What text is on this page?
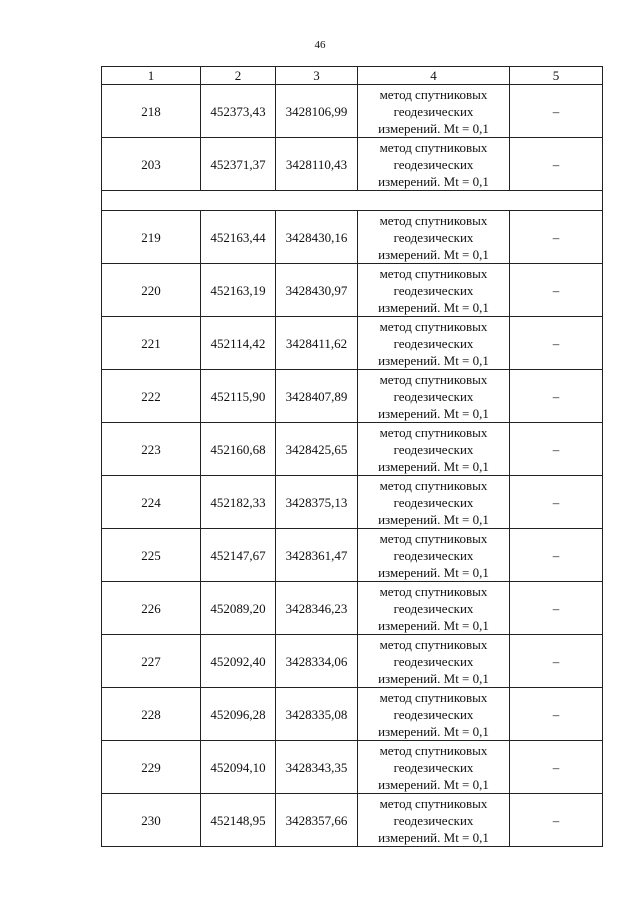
46
1	2	3	4	5
218	452373,43	3428106,99	метод спутниковых
геодезических
измерений. Mt = 0,1	–
203	452371,37	3428110,43	метод спутниковых
геодезических
измерений. Mt = 0,1	–

219	452163,44	3428430,16	метод спутниковых
геодезических
измерений. Mt = 0,1	–
220	452163,19	3428430,97	метод спутниковых
геодезических
измерений. Mt = 0,1	–
221	452114,42	3428411,62	метод спутниковых
геодезических
измерений. Mt = 0,1	–
222	452115,90	3428407,89	метод спутниковых
геодезических
измерений. Mt = 0,1	–
223	452160,68	3428425,65	метод спутниковых
геодезических
измерений. Mt = 0,1	–
224	452182,33	3428375,13	метод спутниковых
геодезических
измерений. Mt = 0,1	–
225	452147,67	3428361,47	метод спутниковых
геодезических
измерений. Mt = 0,1	–
226	452089,20	3428346,23	метод спутниковых
геодезических
измерений. Mt = 0,1	–
227	452092,40	3428334,06	метод спутниковых
геодезических
измерений. Mt = 0,1	–
228	452096,28	3428335,08	метод спутниковых
геодезических
измерений. Mt = 0,1	–
229	452094,10	3428343,35	метод спутниковых
геодезических
измерений. Mt = 0,1	–
230	452148,95	3428357,66	метод спутниковых
геодезических
измерений. Mt = 0,1	–
